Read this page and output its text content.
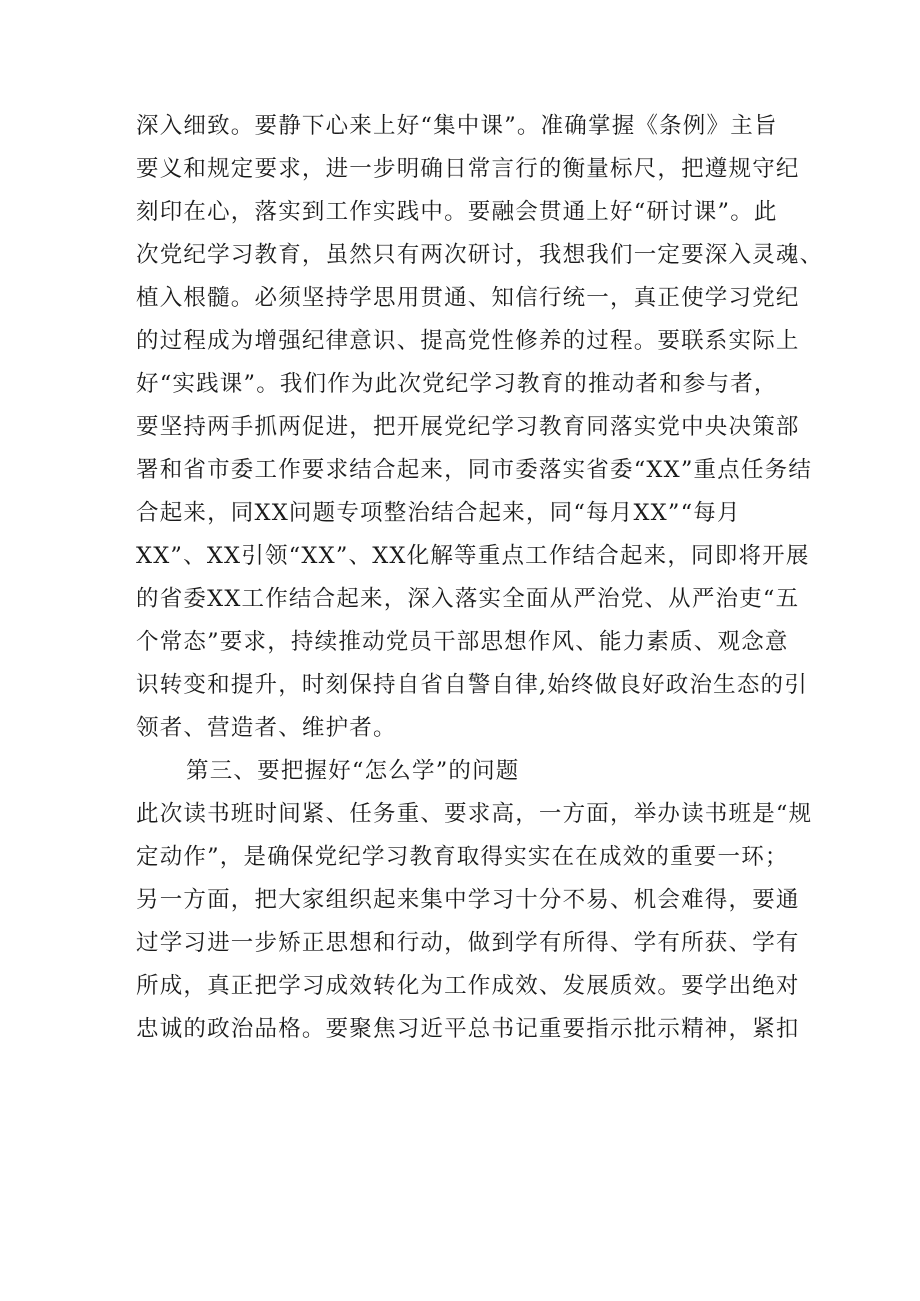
深入细致。要静下心来上好“集中课”。准确掌握《条例》主旨
要义和规定要求，进一步明确日常言行的衡量标尺，把遵规守纪
刻印在心，落实到工作实践中。要融会贯通上好“研讨课”。此
次党纪学习教育，虽然只有两次研讨，我想我们一定要深入灵魂、
植入根髓。必须坚持学思用贯通、知信行统一，真正使学习党纪
的过程成为增强纪律意识、提高党性修养的过程。要联系实际上
好“实践课”。我们作为此次党纪学习教育的推动者和参与者，
要坚持两手抓两促进，把开展党纪学习教育同落实党中央决策部
署和省市委工作要求结合起来，同市委落实省委“XX”重点任务结
合起来，同XX问题专项整治结合起来，同“每月XX”“每月
XX”、XX引领“XX”、XX化解等重点工作结合起来，同即将开展
的省委XX工作结合起来，深入落实全面从严治党、从严治吏“五
个常态”要求，持续推动党员干部思想作风、能力素质、观念意
识转变和提升，时刻保持自省自警自律,始终做良好政治生态的引
领者、营造者、维护者。
第三、要把握好“怎么学”的问题
此次读书班时间紧、任务重、要求高，一方面，举办读书班是“规
定动作”，是确保党纪学习教育取得实实在在成效的重要一环；
另一方面，把大家组织起来集中学习十分不易、机会难得，要通
过学习进一步矫正思想和行动，做到学有所得、学有所获、学有
所成，真正把学习成效转化为工作成效、发展质效。要学出绝对
忠诚的政治品格。要聚焦习近平总书记重要指示批示精神，紧扣
